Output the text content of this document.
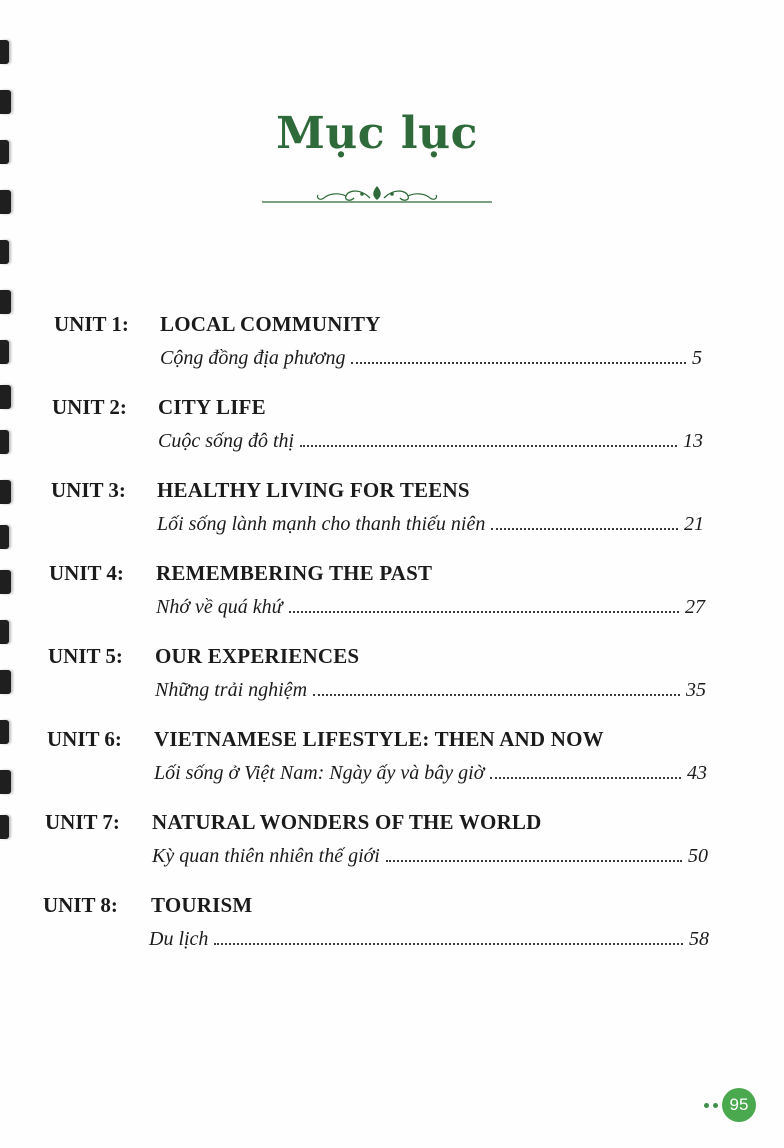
Mục lục
UNIT 1: LOCAL COMMUNITY
Cộng đồng địa phương	5
UNIT 2: CITY LIFE
Cuộc sống đô thị	13
UNIT 3: HEALTHY LIVING FOR TEENS
Lối sống lành mạnh cho thanh thiếu niên	21
UNIT 4: REMEMBERING THE PAST
Nhớ về quá khứ	27
UNIT 5: OUR EXPERIENCES
Những trải nghiệm	35
UNIT 6: VIETNAMESE LIFESTYLE: THEN AND NOW
Lối sống ở Việt Nam: Ngày ấy và bây giờ	43
UNIT 7: NATURAL WONDERS OF THE WORLD
Kỳ quan thiên nhiên thế giới	50
UNIT 8: TOURISM
Du lịch	58
95
